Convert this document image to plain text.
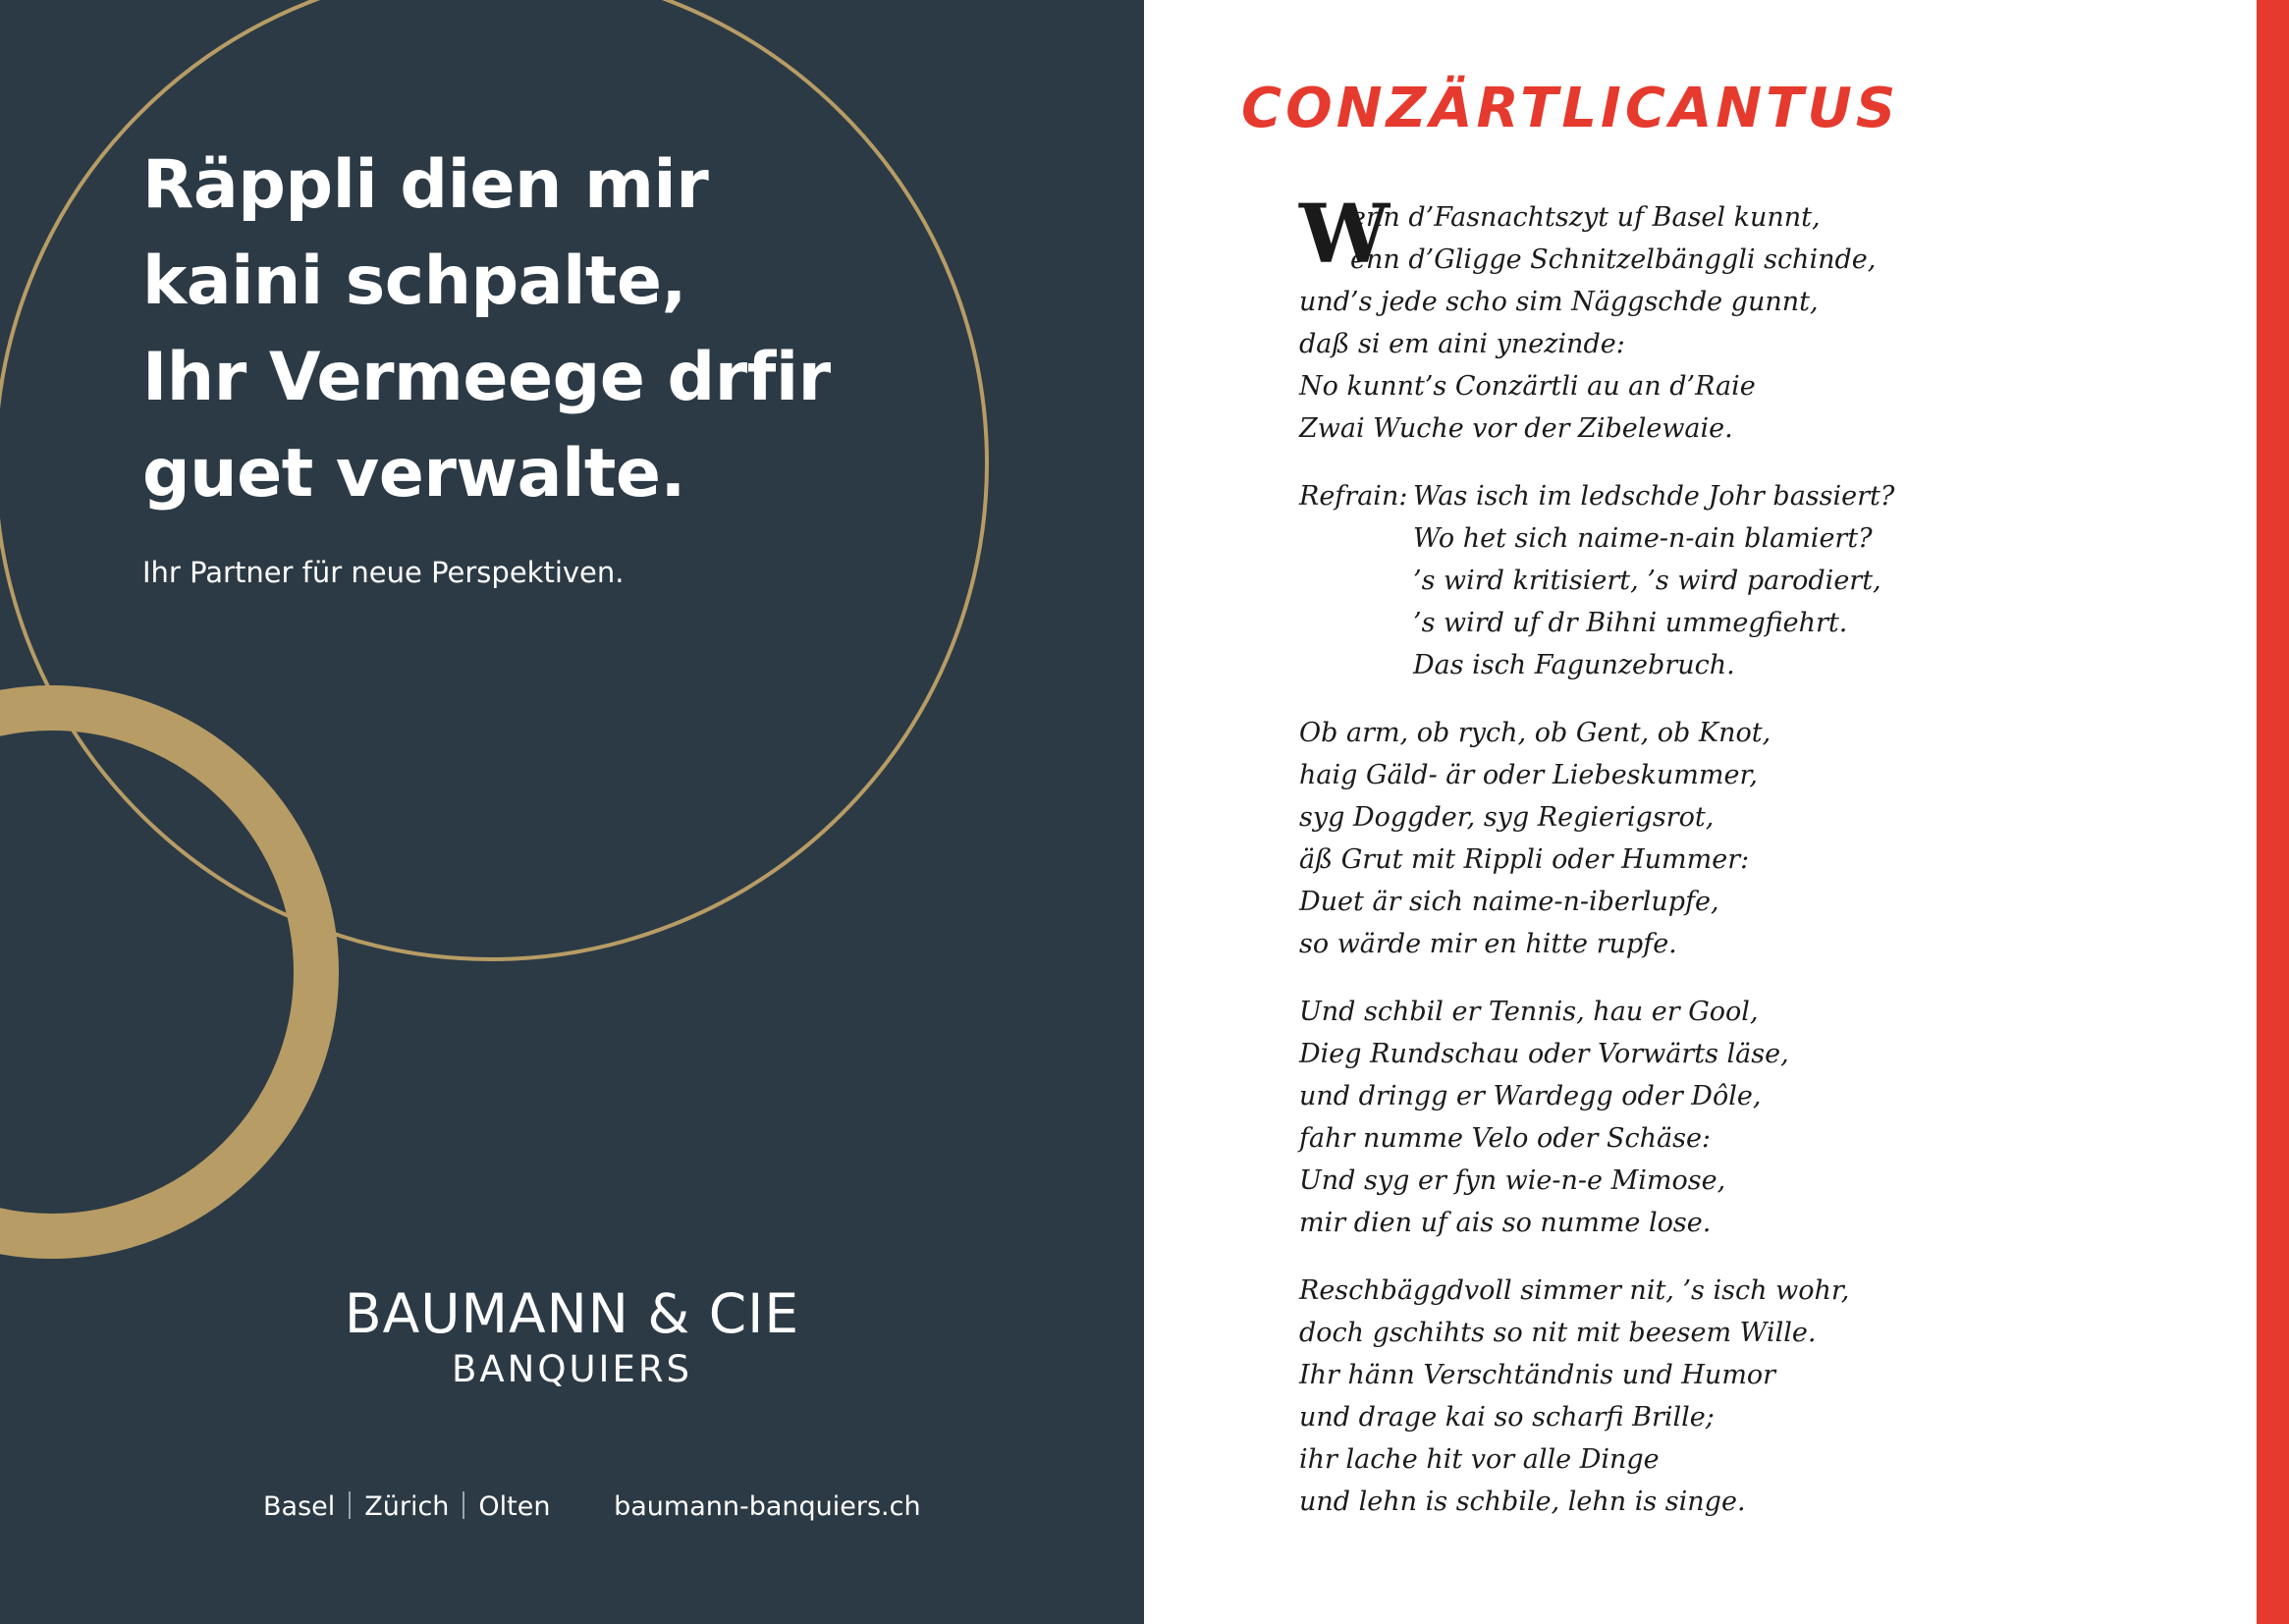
Räppli dien mir
kaini schpalte,
Ihr Vermeege drfir
guet verwalte.

Ihr Partner für neue Perspektiven.

BAUMANN & CIE
BANQUIERS
Basel Zürich Olten baumann-banquiers.ch
CONZÄRTLICANTUS
W
enn d’Fasnachtszyt uf Basel kunnt,
enn d’Gligge Schnitzelbänggli schinde,
und’s jede scho sim Näggschde gunnt,
daß si em aini ynezinde:
No kunnt’s Conzärtli au an d’Raie
Zwai Wuche vor der Zibelewaie.
Refrain: Was isch im ledschde Johr bassiert?
Wo het sich naime-n-ain blamiert?
’s wird kritisiert, ’s wird parodiert,
’s wird uf dr Bihni ummegfiehrt.
Das isch Fagunzebruch.
Ob arm, ob rych, ob Gent, ob Knot,
haig Gäld- är oder Liebeskummer,
syg Doggder, syg Regierigsrot,
äß Grut mit Rippli oder Hummer:
Duet är sich naime-n-iberlupfe,
so wärde mir en hitte rupfe.
Und schbil er Tennis, hau er Gool,
Dieg Rundschau oder Vorwärts läse,
und dringg er Wardegg oder Dôle,
fahr numme Velo oder Schäse:
Und syg er fyn wie-n-e Mimose,
mir dien uf ais so numme lose.
Reschbäggdvoll simmer nit, ’s isch wohr,
doch gschihts so nit mit beesem Wille.
Ihr hänn Verschtändnis und Humor
und drage kai so scharfi Brille;
ihr lache hit vor alle Dinge
und lehn is schbile, lehn is singe.
